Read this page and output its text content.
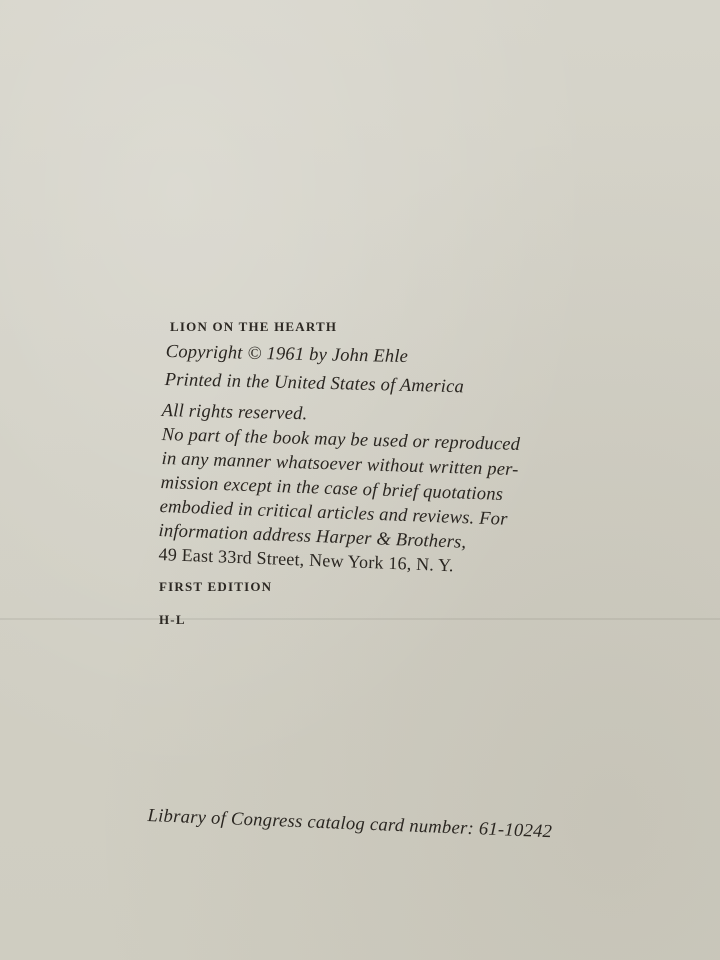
LION ON THE HEARTH
Copyright © 1961 by John Ehle
Printed in the United States of America
All rights reserved.
No part of the book may be used or reproduced
in any manner whatsoever without written per-
mission except in the case of brief quotations
embodied in critical articles and reviews. For
information address Harper & Brothers,
49 East 33rd Street, New York 16, N. Y.
FIRST EDITION
H-L
Library of Congress catalog card number: 61-10242
